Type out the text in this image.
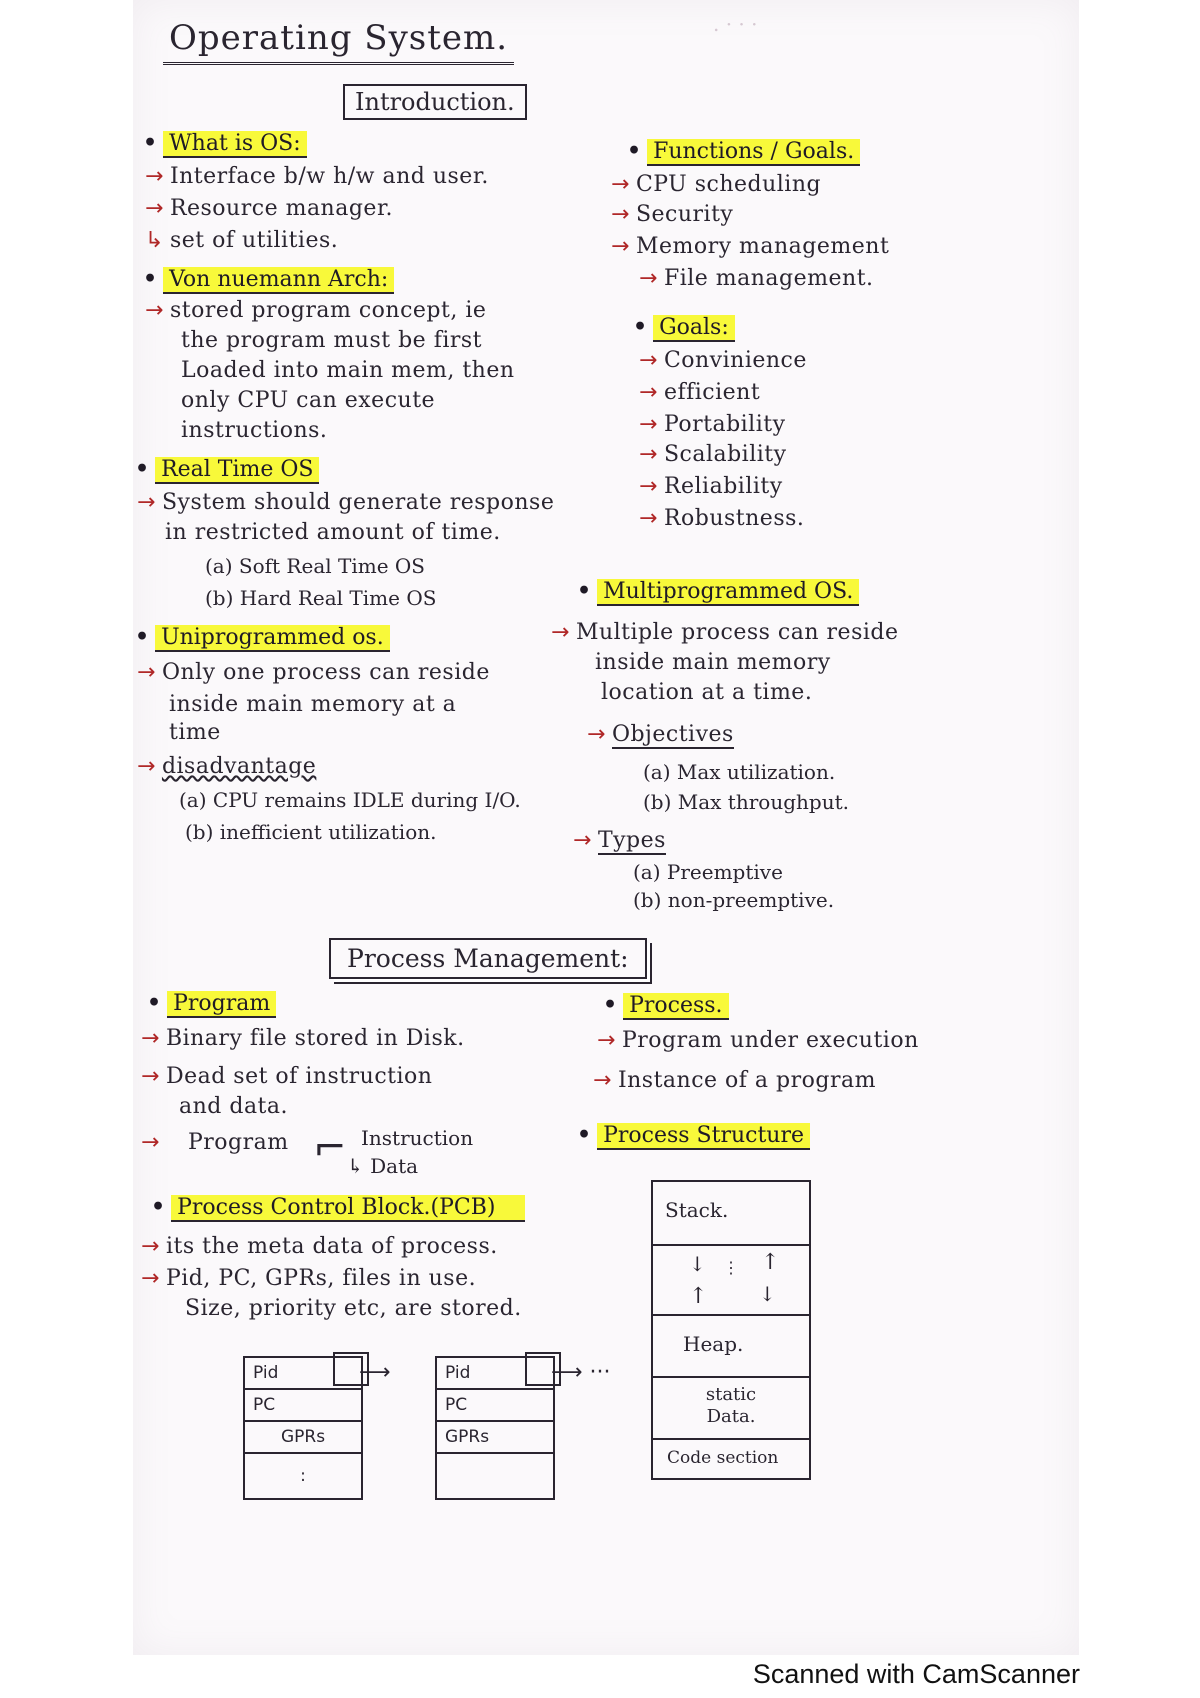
Operating System.
Introduction.
• What is OS:
→ Interface b/w h/w and user.
→ Resource manager.
↳ set of utilities.
• Von nuemann Arch:
→ stored program concept, ie
the program must be first
Loaded into main mem, then
only CPU can execute
instructions.
• Real Time OS
→ System should generate response
in restricted amount of time.
(a) Soft Real Time OS
(b) Hard Real Time OS
• Uniprogrammed os.
→ Only one process can reside
inside main memory at a
time
→ disadvantage
(a) CPU remains IDLE during I/O.
(b) inefficient utilization.
• Functions / Goals.
→ CPU scheduling
→ Security
→ Memory management
→ File management.
• Goals:
→ Convinience
→ efficient
→ Portability
→ Scalability
→ Reliability
→ Robustness.
• Multiprogrammed OS.
→ Multiple process can reside
inside main memory
location at a time.
→ Objectives
(a) Max utilization.
(b) Max throughput.
→ Types
(a) Preemptive
(b) non-preemptive.
Process Management:
• Program
→ Binary file stored in Disk.
→ Dead set of instruction
and data.
→ Program ⌐ Instruction
↳ Data
• Process.
→ Program under execution
→ Instance of a program
• Process Structure
• Process Control Block.(PCB)
→ its the meta data of process.
→ Pid, PC, GPRs, files in use.
Size, priority etc, are stored.
Pid
PC
GPRs
:
⟶	Pid
PC
GPRs

⟶ ···
Stack.
↓	↑
↑	↓
⋮
Heap.
static Data.
Code section
. · · ·
Scanned with CamScanner
